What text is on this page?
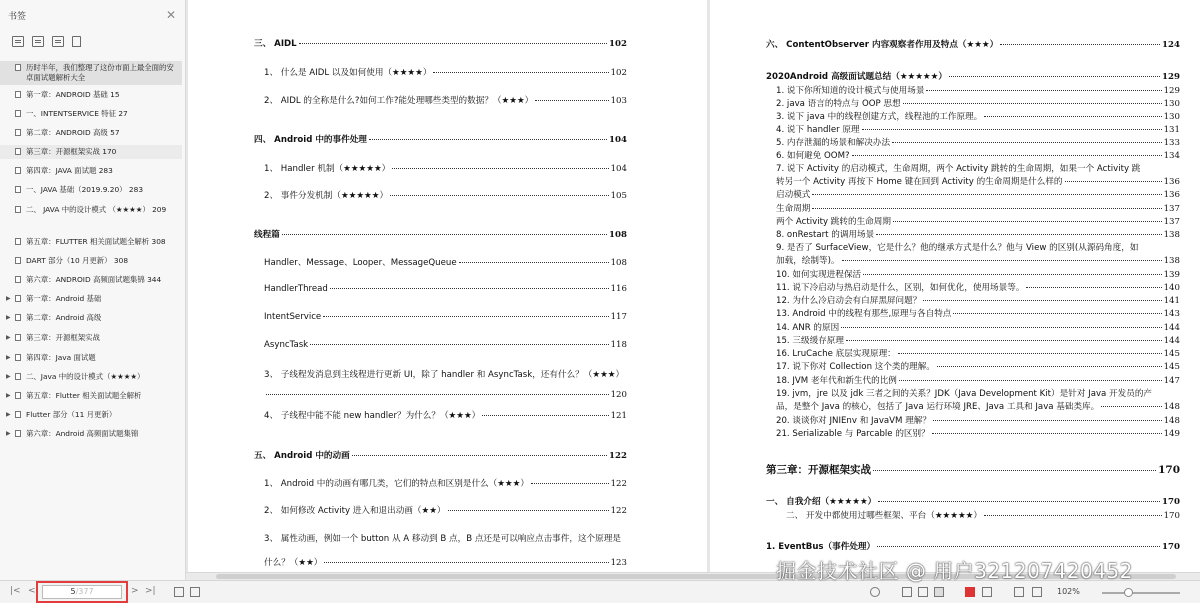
书签	✕
历时半年，我们整理了这份市面上最全面的安卓面试题解析大全
第一章：ANDROID 基础 15
一、INTENTSERVICE 特征 27
第二章：ANDROID 高级 57
第三章：开源框架实战 170
第四章：JAVA 面试题 283
一、JAVA 基础（2019.9.20） 283
二、 JAVA 中的设计模式 （★★★★） 209
第五章：FLUTTER 相关面试题全解析 308
DART 部分（10 月更新） 308
第六章：ANDROID 高频面试题集锦 344
▶	第一章：Android 基础
▶	第二章：Android 高级
▶	第三章：开源框架实战
▶	第四章：Java 面试题
▶	二、Java 中的设计模式（★★★★）
▶	第五章：Flutter 相关面试题全解析
▶	Flutter 部分（11 月更新）
▶	第六章：Android 高频面试题集锦
三、 AIDL	102
1、 什么是 AIDL 以及如何使用（★★★★）	102
2、 AIDL 的全称是什么?如何工作?能处理哪些类型的数据？（★★★）	103
四、 Android 中的事件处理	104
1、 Handler 机制（★★★★★）	104
2、 事件分发机制（★★★★★）	105
线程篇	108
Handler、Message、Looper、MessageQueue	108
HandlerThread	116
IntentService	117
AsyncTask	118
3、 子线程发消息到主线程进行更新 UI，除了 handler 和 AsyncTask，还有什么？（★★★）
120
4、 子线程中能不能 new handler？为什么？（★★★）	121
五、 Android 中的动画	122
1、 Android 中的动画有哪几类，它们的特点和区别是什么（★★★）	122
2、 如何修改 Activity 进入和退出动画（★★）	122
3、 属性动画，例如一个 button 从 A 移动到 B 点，B 点还是可以响应点击事件，这个原理是
什么？（★★）	123
六、 ContentObserver 内容观察者作用及特点（★★★）	124
2020Android 高级面试题总结（★★★★★）	129
1. 说下你所知道的设计模式与使用场景	129
2. java 语言的特点与 OOP 思想	130
3. 说下 java 中的线程创建方式，线程池的工作原理。	130
4. 说下 handler 原理	131
5. 内存泄漏的场景和解决办法	133
6. 如何避免 OOM?	134
7. 说下 Activity 的启动模式，生命周期，两个 Activity 跳转的生命周期，如果一个 Activity 跳
转另一个 Activity 再按下 Home 键在回到 Activity 的生命周期是什么样的	136
启动模式	136
生命周期	137
两个 Activity 跳转的生命周期	137
8. onRestart 的调用场景	138
9. 是否了 SurfaceView，它是什么？他的继承方式是什么？他与 View 的区别(从源码角度，如
加载，绘制等)。	138
10. 如何实现进程保活	139
11. 说下冷启动与热启动是什么，区别，如何优化，使用场景等。	140
12. 为什么冷启动会有白屏黑屏问题？	141
13. Android 中的线程有那些,原理与各自特点	143
14. ANR 的原因	144
15. 三级缓存原理	144
16. LruCache 底层实现原理：	145
17. 说下你对 Collection 这个类的理解。	145
18. JVM 老年代和新生代的比例	147
19. jvm，jre 以及 jdk 三者之间的关系？JDK（Java Development Kit）是针对 Java 开发员的产
品，是整个 Java 的核心，包括了 Java 运行环境 JRE、Java 工具和 Java 基础类库。	148
20. 谈谈你对 JNIEnv 和 JavaVM 理解？	148
21. Serializable 与 Parcable 的区别？	149
第三章：开源框架实战	170
一、 自我介绍（★★★★★）	170
二、 开发中都使用过哪些框架、平台（★★★★★）	170
1. EventBus（事件处理）	170
|< <	5/377	> >|	102%
掘金技术社区 @ 用户3212074204​52
